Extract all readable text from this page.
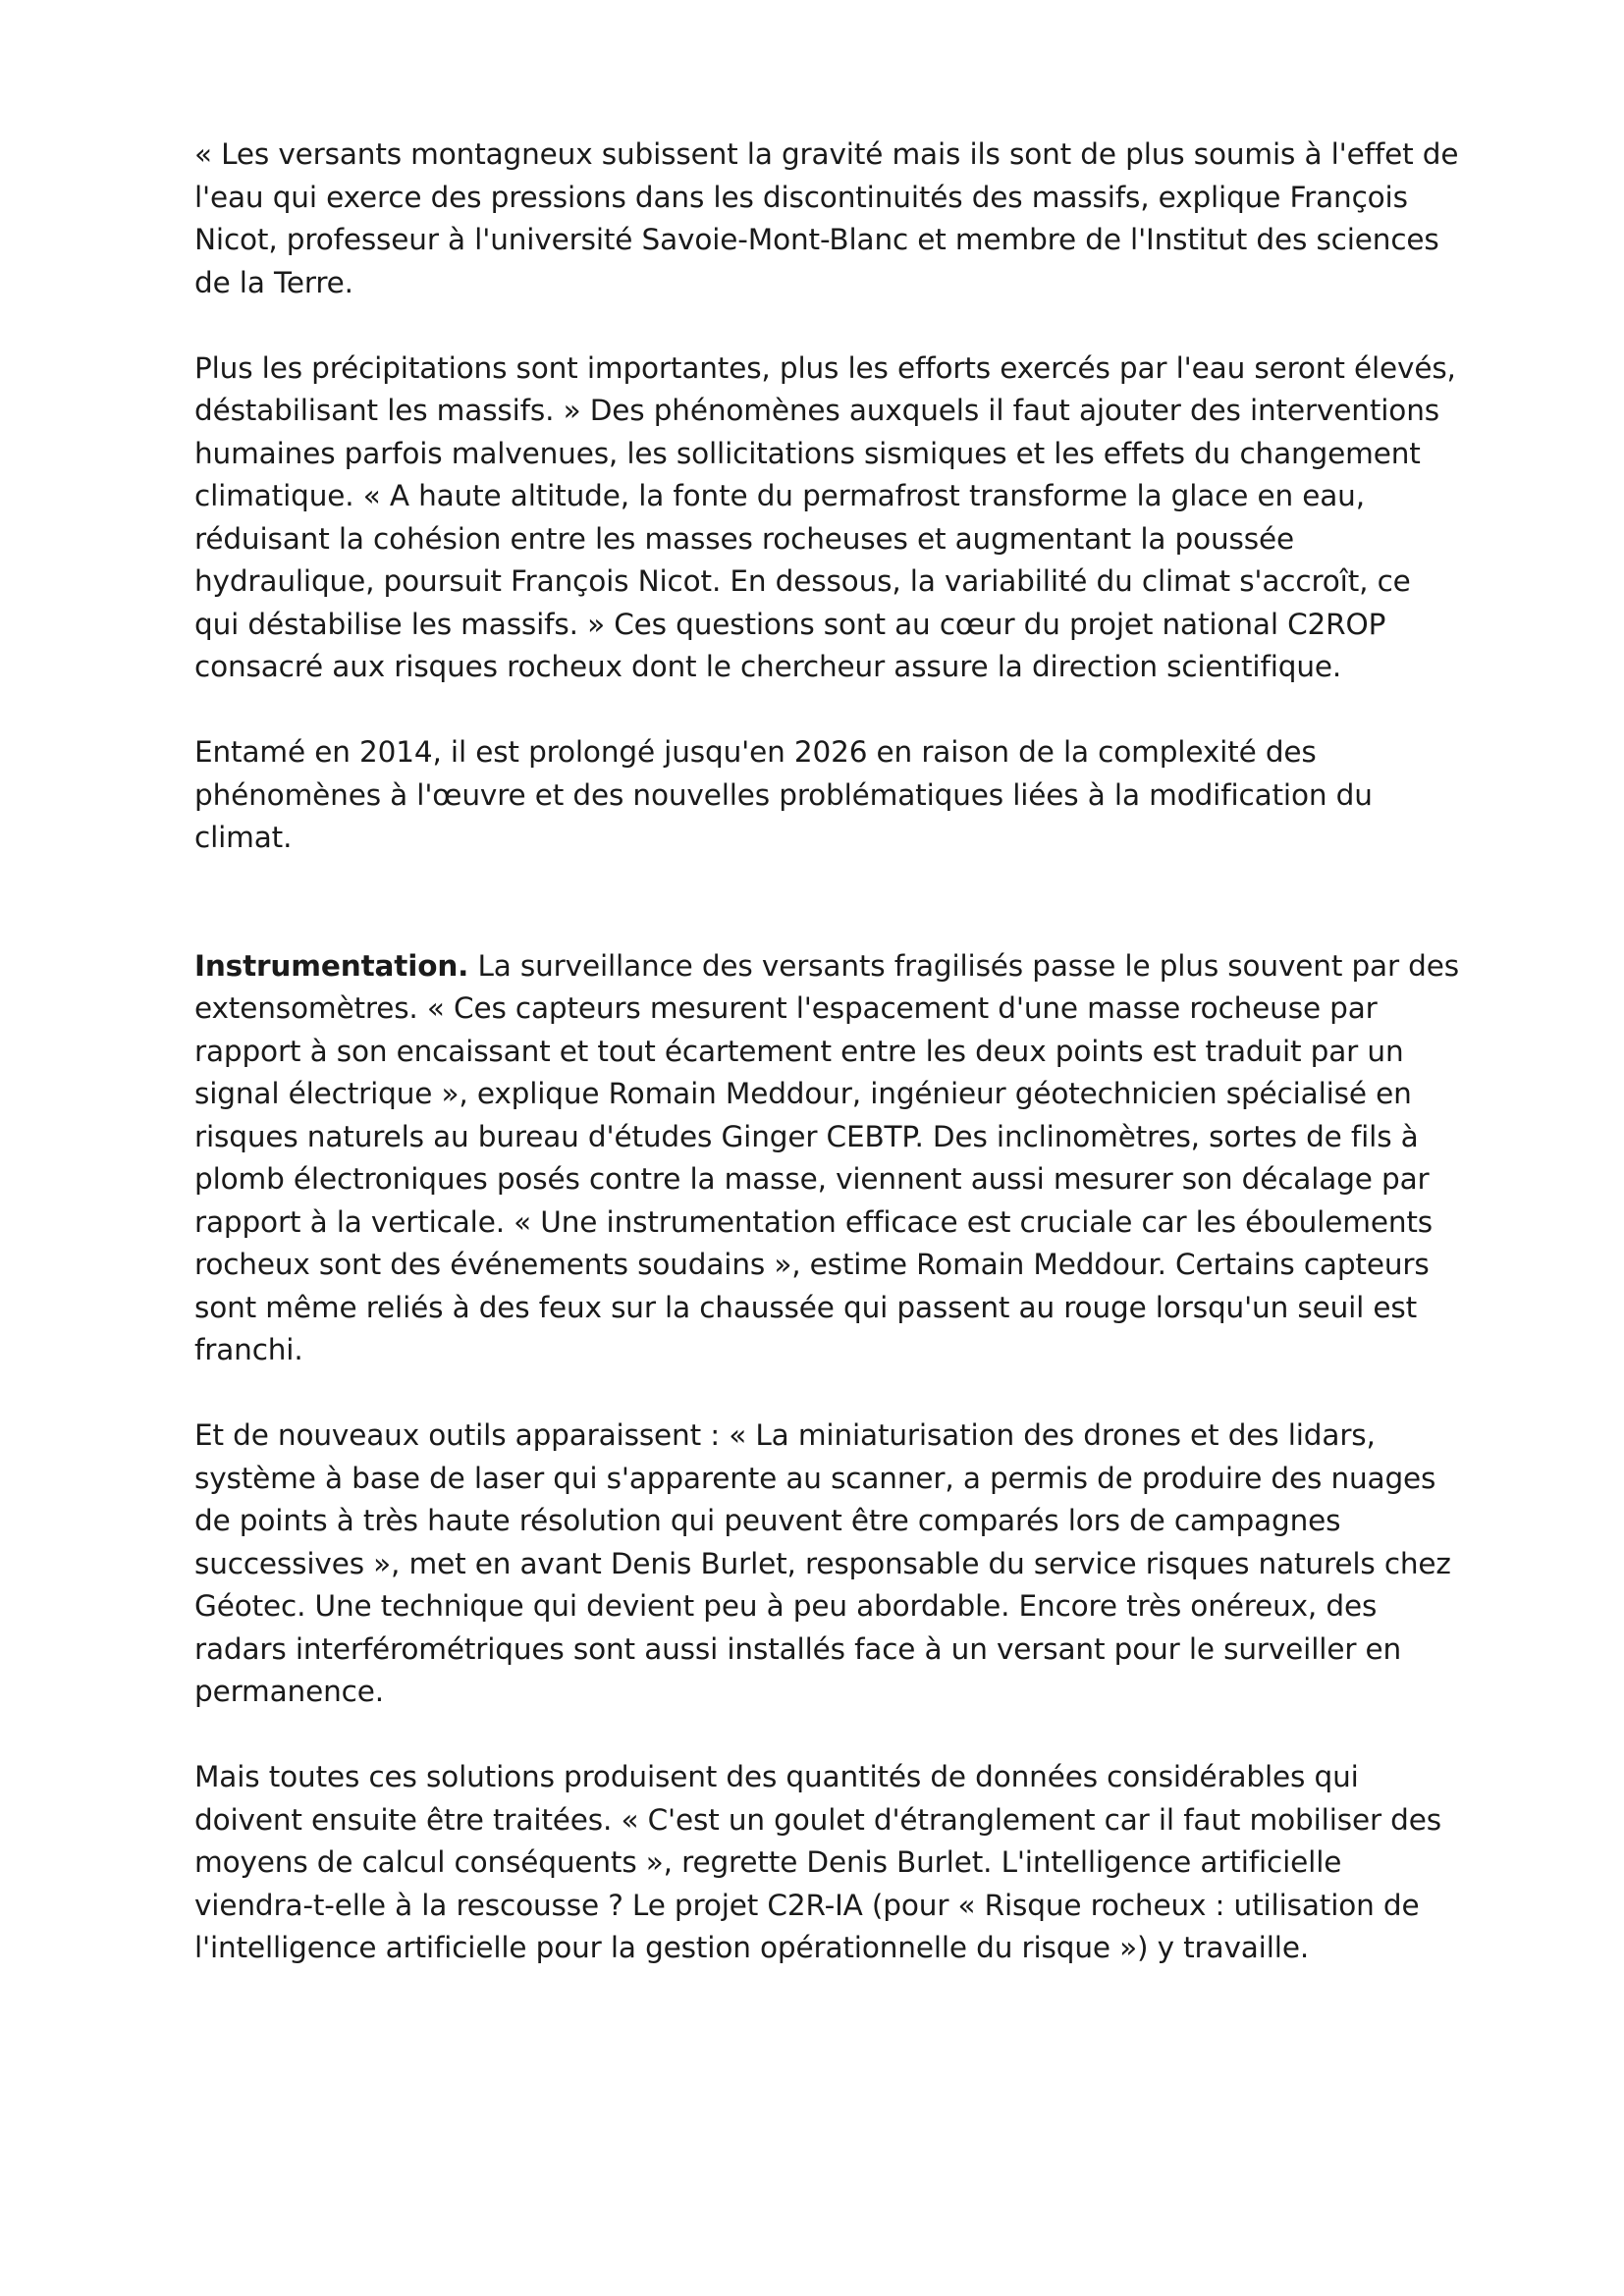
« Les versants montagneux subissent la gravité mais ils sont de plus soumis à l'effet de l'eau qui exerce des pressions dans les discontinuités des massifs, explique François Nicot, professeur à l'université Savoie-Mont-Blanc et membre de l'Institut des sciences de la Terre.

Plus les précipitations sont importantes, plus les efforts exercés par l'eau seront élevés, déstabilisant les massifs. » Des phénomènes auxquels il faut ajouter des interventions humaines parfois malvenues, les sollicitations sismiques et les effets du changement climatique. « A haute altitude, la fonte du permafrost transforme la glace en eau, réduisant la cohésion entre les masses rocheuses et augmentant la poussée hydraulique, poursuit François Nicot. En dessous, la variabilité du climat s'accroît, ce qui déstabilise les massifs. » Ces questions sont au cœur du projet national C2ROP consacré aux risques rocheux dont le chercheur assure la direction scientifique.

Entamé en 2014, il est prolongé jusqu'en 2026 en raison de la complexité des phénomènes à l'œuvre et des nouvelles problématiques liées à la modification du climat.

Instrumentation. La surveillance des versants fragilisés passe le plus souvent par des extensomètres. « Ces capteurs mesurent l'espacement d'une masse rocheuse par rapport à son encaissant et tout écartement entre les deux points est traduit par un signal électrique », explique Romain Meddour, ingénieur géotechnicien spécialisé en risques naturels au bureau d'études Ginger CEBTP. Des inclinomètres, sortes de fils à plomb électroniques posés contre la masse, viennent aussi mesurer son décalage par rapport à la verticale. « Une instrumentation efficace est cruciale car les éboulements rocheux sont des événements soudains », estime Romain Meddour. Certains capteurs sont même reliés à des feux sur la chaussée qui passent au rouge lorsqu'un seuil est franchi.

Et de nouveaux outils apparaissent : « La miniaturisation des drones et des lidars, système à base de laser qui s'apparente au scanner, a permis de produire des nuages de points à très haute résolution qui peuvent être comparés lors de campagnes successives », met en avant Denis Burlet, responsable du service risques naturels chez Géotec. Une technique qui devient peu à peu abordable. Encore très onéreux, des radars interférométriques sont aussi installés face à un versant pour le surveiller en permanence.

Mais toutes ces solutions produisent des quantités de données considérables qui doivent ensuite être traitées. « C'est un goulet d'étranglement car il faut mobiliser des moyens de calcul conséquents », regrette Denis Burlet. L'intelligence artificielle viendra-t-elle à la rescousse ? Le projet C2R-IA (pour « Risque rocheux : utilisation de l'intelligence artificielle pour la gestion opérationnelle du risque ») y travaille.
